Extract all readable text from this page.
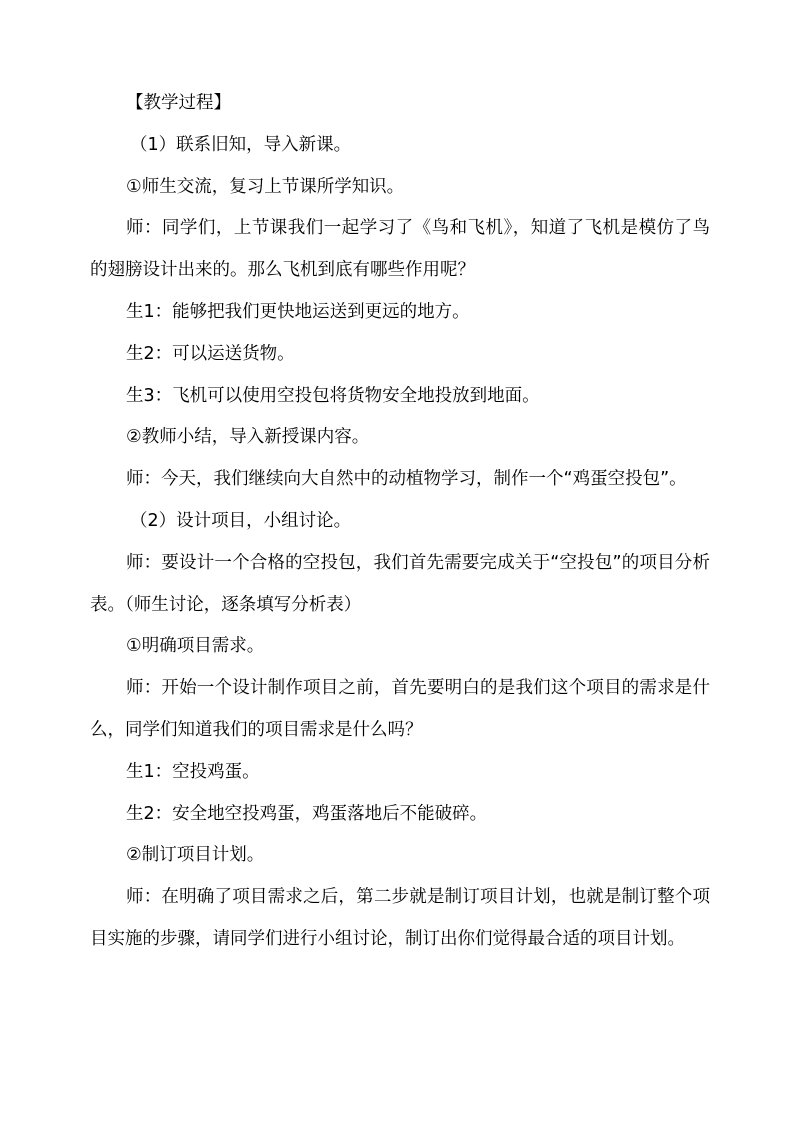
【教学过程】

（1）联系旧知，导入新课。

①师生交流，复习上节课所学知识。

师：同学们，上节课我们一起学习了《鸟和飞机》，知道了飞机是模仿了鸟的翅膀设计出来的。那么飞机到底有哪些作用呢？

生1：能够把我们更快地运送到更远的地方。

生2：可以运送货物。

生3：飞机可以使用空投包将货物安全地投放到地面。

②教师小结，导入新授课内容。

师：今天，我们继续向大自然中的动植物学习，制作一个“鸡蛋空投包”。

（2）设计项目，小组讨论。

师：要设计一个合格的空投包，我们首先需要完成关于“空投包”的项目分析表。（师生讨论，逐条填写分析表）

①明确项目需求。

师：开始一个设计制作项目之前，首先要明白的是我们这个项目的需求是什么，同学们知道我们的项目需求是什么吗？

生1：空投鸡蛋。

生2：安全地空投鸡蛋，鸡蛋落地后不能破碎。

②制订项目计划。

师：在明确了项目需求之后，第二步就是制订项目计划，也就是制订整个项目实施的步骤，请同学们进行小组讨论，制订出你们觉得最合适的项目计划。
